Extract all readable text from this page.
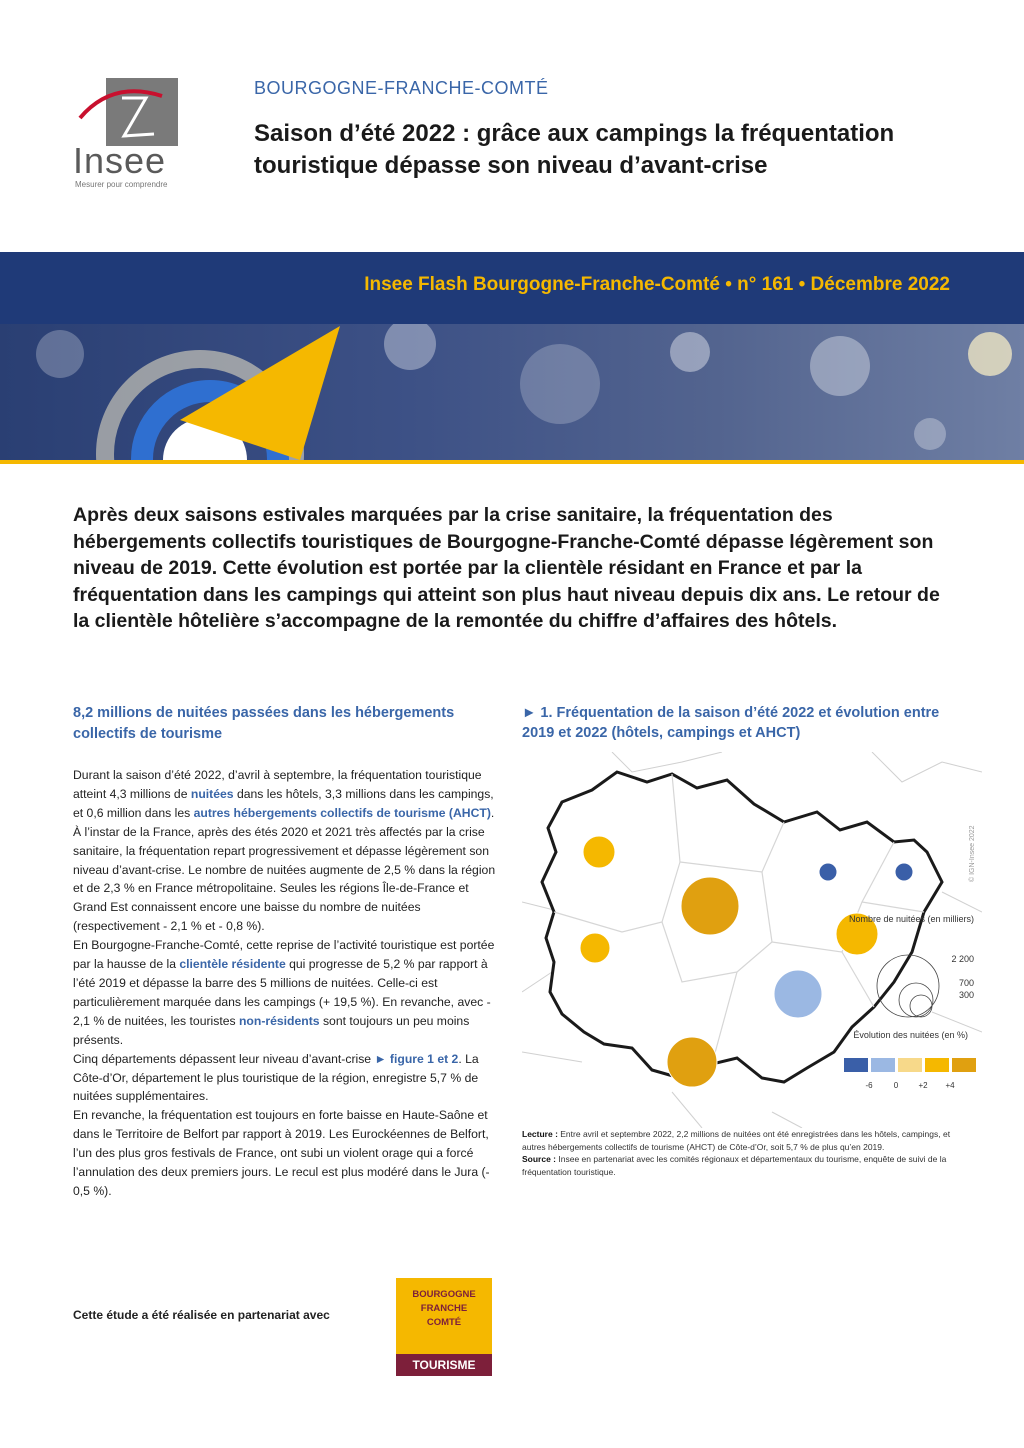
Insee
Mesurer pour comprendre
BOURGOGNE-FRANCHE-COMTÉ
Saison d’été 2022 : grâce aux campings la fréquentation touristique dépasse son niveau d’avant-crise
Insee Flash Bourgogne-Franche-Comté • n° 161 • Décembre 2022
Après deux saisons estivales marquées par la crise sanitaire, la fréquentation des hébergements collectifs touristiques de Bourgogne-Franche-Comté dépasse légèrement son niveau de 2019. Cette évolution est portée par la clientèle résidant en France et par la fréquentation dans les campings qui atteint son plus haut niveau depuis dix ans. Le retour de la clientèle hôtelière s’accompagne de la remontée du chiffre d’affaires des hôtels.
8,2 millions de nuitées passées dans les hébergements collectifs de tourisme

Durant la saison d’été 2022, d’avril à septembre, la fréquentation touristique atteint 4,3 millions de nuitées dans les hôtels, 3,3 millions dans les campings, et 0,6 million dans les autres hébergements collectifs de tourisme (AHCT).

À l’instar de la France, après des étés 2020 et 2021 très affectés par la crise sanitaire, la fréquentation repart progressivement et dépasse légèrement son niveau d’avant-crise. Le nombre de nuitées augmente de 2,5 % dans la région et de 2,3 % en France métropolitaine. Seules les régions Île-de-France et Grand Est connaissent encore une baisse du nombre de nuitées (respectivement - 2,1 % et - 0,8 %).

En Bourgogne-Franche-Comté, cette reprise de l’activité touristique est portée par la hausse de la clientèle résidente qui progresse de 5,2 % par rapport à l’été 2019 et dépasse la barre des 5 millions de nuitées. Celle-ci est particulièrement marquée dans les campings (+ 19,5 %). En revanche, avec - 2,1 % de nuitées, les touristes non-résidents sont toujours un peu moins présents.

Cinq départements dépassent leur niveau d’avant-crise ► figure 1 et 2. La Côte-d’Or, département le plus touristique de la région, enregistre 5,7 % de nuitées supplémentaires.

En revanche, la fréquentation est toujours en forte baisse en Haute-Saône et dans le Territoire de Belfort par rapport à 2019. Les Eurockéennes de Belfort, l’un des plus gros festivals de France, ont subi un violent orage qui a forcé l’annulation des deux premiers jours. Le recul est plus modéré dans le Jura (- 0,5 %).

► 1. Fréquentation de la saison d’été 2022 et évolution entre 2019 et 2022 (hôtels, campings et AHCT)
© IGN-Insee 2022
Nombre de nuitées (en milliers)
2 200
700
300
Évolution des nuitées (en %)
-6	0	+2 +4
Lecture : Entre avril et septembre 2022, 2,2 millions de nuitées ont été enregistrées dans les hôtels, campings, et autres hébergements collectifs de tourisme (AHCT) de Côte-d’Or, soit 5,7 % de plus qu’en 2019.
Source : Insee en partenariat avec les comités régionaux et départementaux du tourisme, enquête de suivi de la fréquentation touristique.
Cette étude a été réalisée en partenariat avec
BOURGOGNE
FRANCHE
COMTÉ
TOURISME
